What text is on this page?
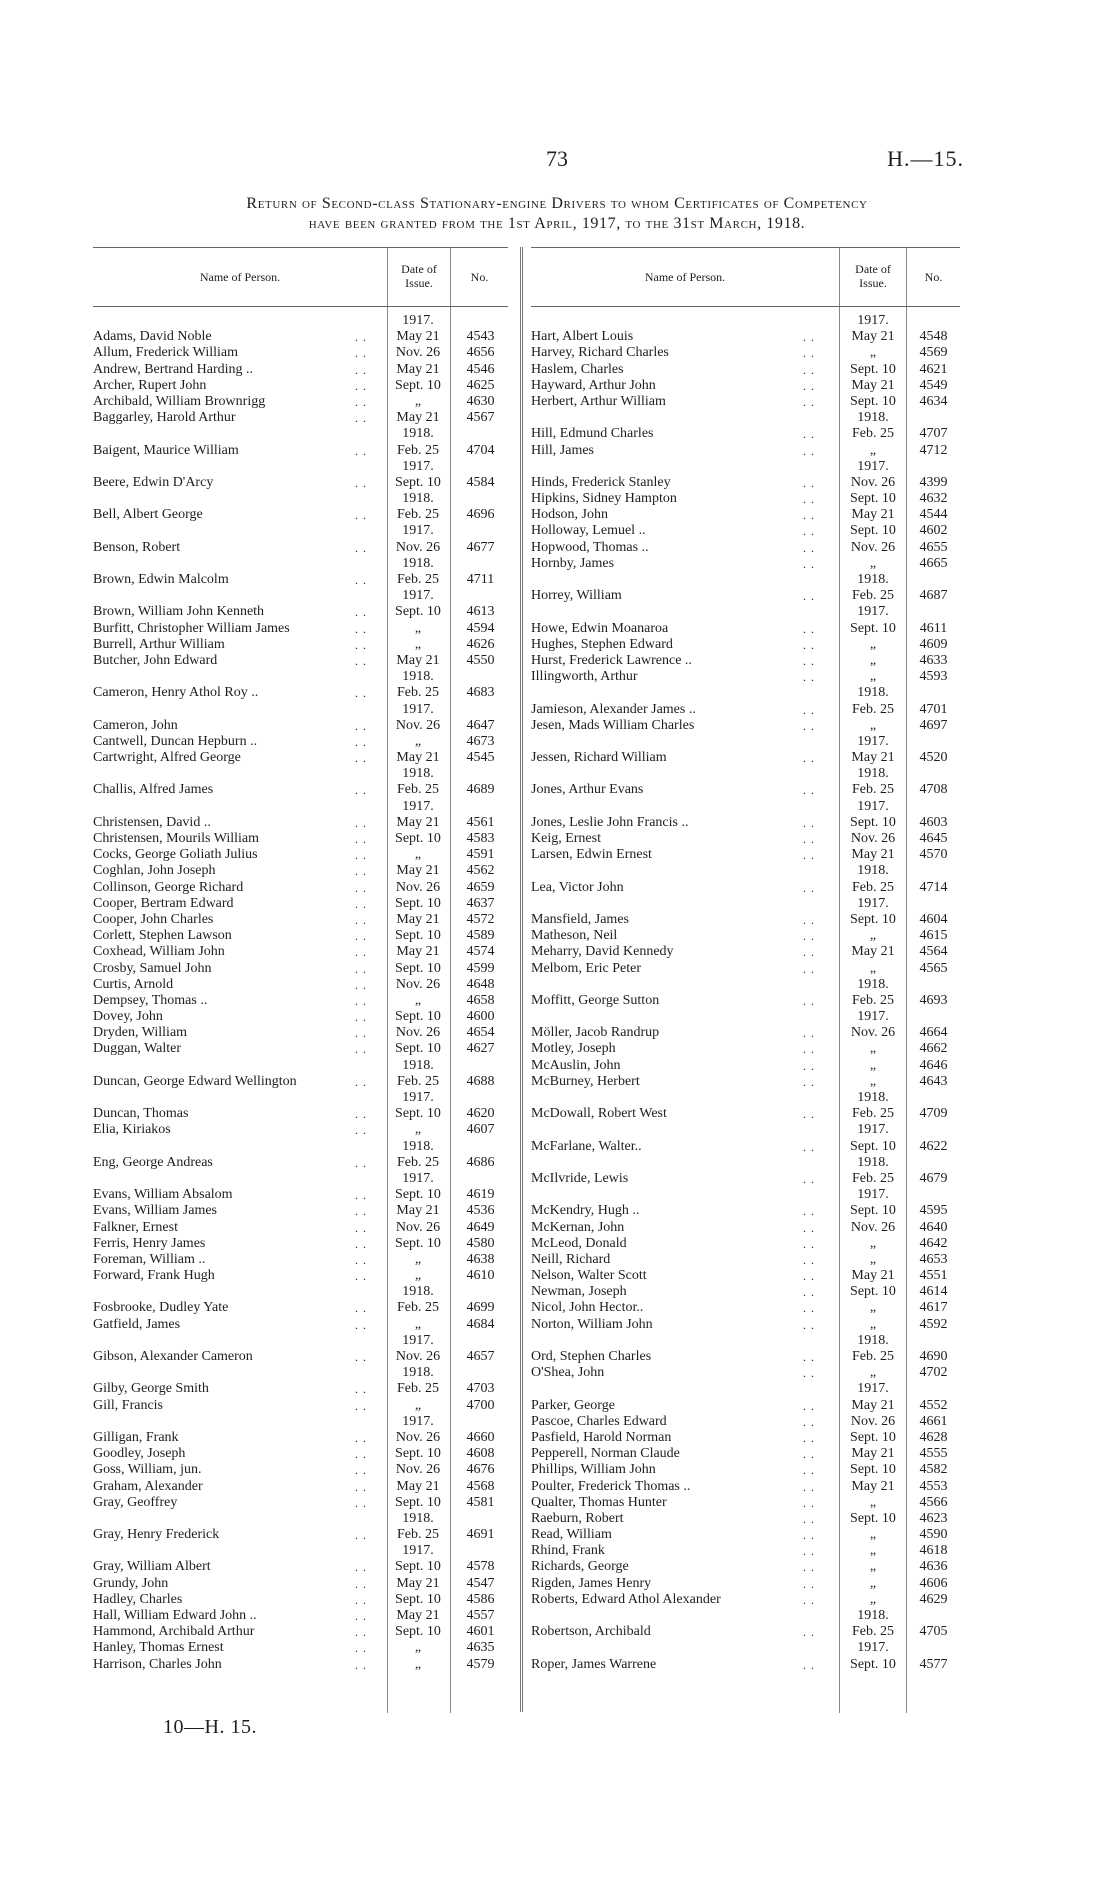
73	H.—15.
Return of Second-class Stationary-engine Drivers to whom Certificates of Competency
have been granted from the 1st April, 1917, to the 31st March, 1918.
Name of Person.
Date of Issue.	No.
1917.
Adams, David Noble	. .	May 21	4543
Allum, Frederick William	. .	Nov. 26	4656
Andrew, Bertrand Harding ..	. .	May 21	4546
Archer, Rupert John	. .	Sept. 10	4625
Archibald, William Brownrigg	. .	„	4630
Baggarley, Harold Arthur	. .	May 21	4567
1918.
Baigent, Maurice William	. .	Feb. 25	4704
1917.
Beere, Edwin D'Arcy	. .	Sept. 10	4584
1918.
Bell, Albert George	. .	Feb. 25	4696
1917.
Benson, Robert	. .	Nov. 26	4677
1918.
Brown, Edwin Malcolm	. .	Feb. 25	4711
1917.
Brown, William John Kenneth	. .	Sept. 10	4613
Burfitt, Christopher William James	. .	„	4594
Burrell, Arthur William	. .	„	4626
Butcher, John Edward	. .	May 21	4550
1918.
Cameron, Henry Athol Roy ..	. .	Feb. 25	4683
1917.
Cameron, John	. .	Nov. 26	4647
Cantwell, Duncan Hepburn ..	. .	„	4673
Cartwright, Alfred George	. .	May 21	4545
1918.
Challis, Alfred James	. .	Feb. 25	4689
1917.
Christensen, David ..	. .	May 21	4561
Christensen, Mourils William	. .	Sept. 10	4583
Cocks, George Goliath Julius	. .	„	4591
Coghlan, John Joseph	. .	May 21	4562
Collinson, George Richard	. .	Nov. 26	4659
Cooper, Bertram Edward	. .	Sept. 10	4637
Cooper, John Charles	. .	May 21	4572
Corlett, Stephen Lawson	. .	Sept. 10	4589
Coxhead, William John	. .	May 21	4574
Crosby, Samuel John	. .	Sept. 10	4599
Curtis, Arnold	. .	Nov. 26	4648
Dempsey, Thomas ..	. .	„	4658
Dovey, John	. .	Sept. 10	4600
Dryden, William	. .	Nov. 26	4654
Duggan, Walter	. .	Sept. 10	4627
1918.
Duncan, George Edward Wellington	. .	Feb. 25	4688
1917.
Duncan, Thomas	. .	Sept. 10	4620
Elia, Kiriakos	. .	„	4607
1918.
Eng, George Andreas	. .	Feb. 25	4686
1917.
Evans, William Absalom	. .	Sept. 10	4619
Evans, William James	. .	May 21	4536
Falkner, Ernest	. .	Nov. 26	4649
Ferris, Henry James	. .	Sept. 10	4580
Foreman, William ..	. .	„	4638
Forward, Frank Hugh	. .	„	4610
1918.
Fosbrooke, Dudley Yate	. .	Feb. 25	4699
Gatfield, James	. .	„	4684
1917.
Gibson, Alexander Cameron	. .	Nov. 26	4657
1918.
Gilby, George Smith	. .	Feb. 25	4703
Gill, Francis	. .	„	4700
1917.
Gilligan, Frank	. .	Nov. 26	4660
Goodley, Joseph	. .	Sept. 10	4608
Goss, William, jun.	. .	Nov. 26	4676
Graham, Alexander	. .	May 21	4568
Gray, Geoffrey	. .	Sept. 10	4581
1918.
Gray, Henry Frederick	. .	Feb. 25	4691
1917.
Gray, William Albert	. .	Sept. 10	4578
Grundy, John	. .	May 21	4547
Hadley, Charles	. .	Sept. 10	4586
Hall, William Edward John ..	. .	May 21	4557
Hammond, Archibald Arthur	. .	Sept. 10	4601
Hanley, Thomas Ernest	. .	„	4635
Harrison, Charles John	. .	„	4579
Name of Person.
Date of Issue.	No.
1917.
Hart, Albert Louis	. .	May 21	4548
Harvey, Richard Charles	. .	„	4569
Haslem, Charles	. .	Sept. 10	4621
Hayward, Arthur John	. .	May 21	4549
Herbert, Arthur William	. .	Sept. 10	4634
1918.
Hill, Edmund Charles	. .	Feb. 25	4707
Hill, James	. .	„	4712
1917.
Hinds, Frederick Stanley	. .	Nov. 26	4399
Hipkins, Sidney Hampton	. .	Sept. 10	4632
Hodson, John	. .	May 21	4544
Holloway, Lemuel ..	. .	Sept. 10	4602
Hopwood, Thomas ..	. .	Nov. 26	4655
Hornby, James	. .	„	4665
1918.
Horrey, William	. .	Feb. 25	4687
1917.
Howe, Edwin Moanaroa	. .	Sept. 10	4611
Hughes, Stephen Edward	. .	„	4609
Hurst, Frederick Lawrence ..	. .	„	4633
Illingworth, Arthur	. .	„	4593
1918.
Jamieson, Alexander James ..	. .	Feb. 25	4701
Jesen, Mads William Charles	. .	„	4697
1917.
Jessen, Richard William	. .	May 21	4520
1918.
Jones, Arthur Evans	. .	Feb. 25	4708
1917.
Jones, Leslie John Francis ..	. .	Sept. 10	4603
Keig, Ernest	. .	Nov. 26	4645
Larsen, Edwin Ernest	. .	May 21	4570
1918.
Lea, Victor John	. .	Feb. 25	4714
1917.
Mansfield, James	. .	Sept. 10	4604
Matheson, Neil	. .	„	4615
Meharry, David Kennedy	. .	May 21	4564
Melbom, Eric Peter	. .	„	4565
1918.
Moffitt, George Sutton	. .	Feb. 25	4693
1917.
Möller, Jacob Randrup	. .	Nov. 26	4664
Motley, Joseph	. .	„	4662
McAuslin, John	. .	„	4646
McBurney, Herbert	. .	„	4643
1918.
McDowall, Robert West	. .	Feb. 25	4709
1917.
McFarlane, Walter..	. .	Sept. 10	4622
1918.
McIlvride, Lewis	. .	Feb. 25	4679
1917.
McKendry, Hugh ..	. .	Sept. 10	4595
McKernan, John	. .	Nov. 26	4640
McLeod, Donald	. .	„	4642
Neill, Richard	. .	„	4653
Nelson, Walter Scott	. .	May 21	4551
Newman, Joseph	. .	Sept. 10	4614
Nicol, John Hector..	. .	„	4617
Norton, William John	. .	„	4592
1918.
Ord, Stephen Charles	. .	Feb. 25	4690
O'Shea, John	. .	„	4702
1917.
Parker, George	. .	May 21	4552
Pascoe, Charles Edward	. .	Nov. 26	4661
Pasfield, Harold Norman	. .	Sept. 10	4628
Pepperell, Norman Claude	. .	May 21	4555
Phillips, William John	. .	Sept. 10	4582
Poulter, Frederick Thomas ..	. .	May 21	4553
Qualter, Thomas Hunter	. .	„	4566
Raeburn, Robert	. .	Sept. 10	4623
Read, William	. .	„	4590
Rhind, Frank	. .	„	4618
Richards, George	. .	„	4636
Rigden, James Henry	. .	„	4606
Roberts, Edward Athol Alexander	. .	„	4629
1918.
Robertson, Archibald	. .	Feb. 25	4705
1917.
Roper, James Warrene	. .	Sept. 10	4577
10—H. 15.
